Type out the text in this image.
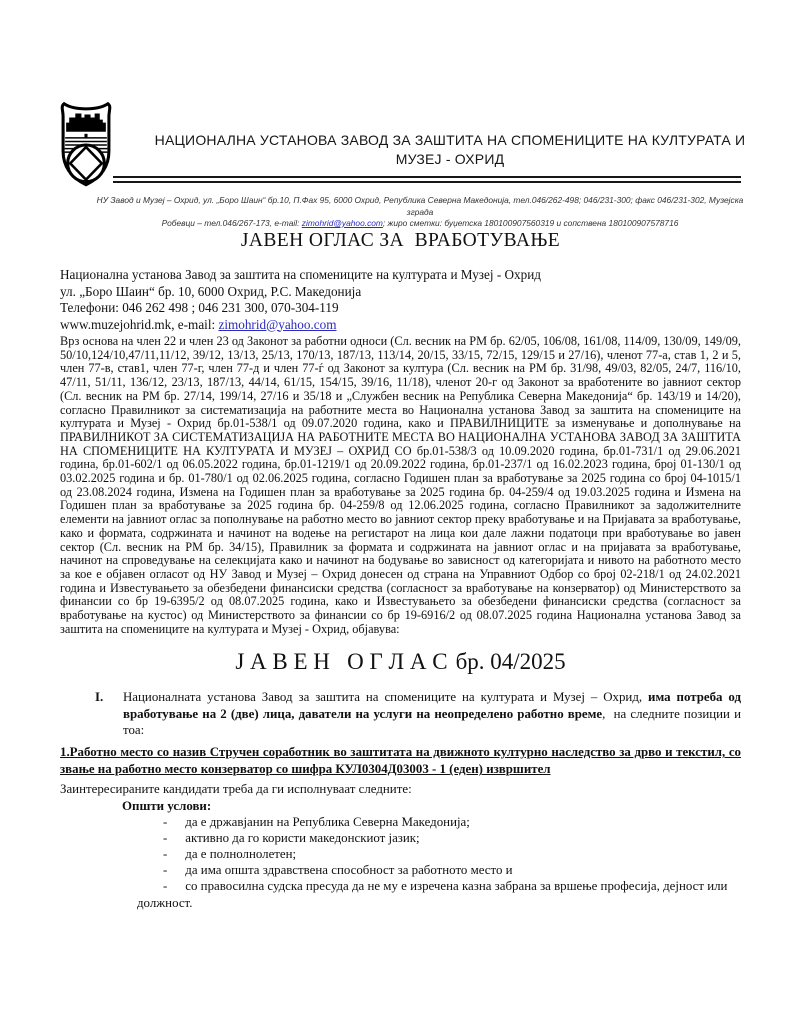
НАЦИОНАЛНА УСТАНОВА ЗАВОД ЗА ЗАШТИТА НА СПОМЕНИЦИТЕ НА КУЛТУРАТА И
МУЗЕЈ - ОХРИД
НУ Завод и Музеј – Охрид, ул. „Боро Шаин“ бр.10, П.Фах 95, 6000 Охрид, Република Северна Македонија, тел.046/262-498; 046/231-300; факс 046/231-302, Музејска зграда
Робевци – тел.046/267-173, e-mail: zimohrid@yahoo.com; жиро сметки: буџетска 180100907560319 и сопствена 180100907578716
ЈАВЕН ОГЛАС ЗА  ВРАБОТУВАЊЕ
Национална установа Завод за заштита на спомениците на културата и Музеј - Охрид
ул. „Боро Шаин“ бр. 10, 6000 Охрид, Р.С. Македонија
Телефони: 046 262 498 ; 046 231 300, 070-304-119
www.muzejohrid.mk, e-mail: zimohrid@yahoo.com

Врз основа на член 22 и член 23 од Законот за работни односи (Сл. весник на РМ бр. 62/05, 106/08, 161/08, 114/09, 130/09, 149/09, 50/10,124/10,47/11,11/12, 39/12, 13/13, 25/13, 170/13, 187/13, 113/14, 20/15, 33/15, 72/15, 129/15 и 27/16), членот 77-а, став 1, 2 и 5, член 77-в, став1, член 77-г, член 77-д и член 77-ѓ од Законот за култура (Сл. весник на РМ бр. 31/98, 49/03, 82/05, 24/7, 116/10, 47/11, 51/11, 136/12, 23/13, 187/13, 44/14, 61/15, 154/15, 39/16, 11/18), членот 20-г од Законот за вработените во јавниот сектор (Сл. весник на РМ бр. 27/14, 199/14, 27/16 и 35/18 и „Службен весник на Република Северна Македонија“ бр. 143/19 и 14/20), согласно Правилникот за систематизација на работните места во Национална установа Завод за заштита на спомениците на културата и Музеј - Охрид бр.01-538/1 од 09.07.2020 година, како и ПРАВИЛНИЦИТЕ за изменување и дополнување на ПРАВИЛНИКОТ ЗА СИСТЕМАТИЗАЦИЈА НА РАБОТНИТЕ МЕСТА ВО НАЦИОНАЛНА УСТАНОВА ЗАВОД ЗА ЗАШТИТА НА СПОМЕНИЦИТЕ НА КУЛТУРАТА И МУЗЕЈ – ОХРИД СО бр.01-538/3 од 10.09.2020 година, бр.01-731/1 од 29.06.2021 година, бр.01-602/1 од 06.05.2022 година, бр.01-1219/1 од 20.09.2022 година, бр.01-237/1 од 16.02.2023 година, број 01-130/1 од 03.02.2025 година и бр. 01-780/1 од 02.06.2025 година, согласно Годишен план за вработување за 2025 година со број 04-1015/1 од 23.08.2024 година, Измена на Годишен план за вработување за 2025 година бр. 04-259/4 од 19.03.2025 година и Измена на Годишен план за вработување за 2025 година бр. 04-259/8 од 12.06.2025 година, согласно Правилникот за задолжителните елементи на јавниот оглас за пополнување на работно место во јавниот сектор преку вработување и на Пријавата за вработување, како и формата, содржината и начинот на водење на регистарот на лица кои дале лажни податоци при вработување во јавен сектор (Сл. весник на РМ бр. 34/15), Правилник за формата и содржината на јавниот оглас и на пријавата за вработување, начинот на спроведување на селекцијата како и начинот на бодување во зависност од категоријата и нивото на работното место за кое е објавен огласот од НУ Завод и Музеј – Охрид донесен од страна на Управниот Одбор со број 02-218/1 од 24.02.2021 година и Известувањето за обезбедени финансиски средства (согласност за вработување на конзерватор) од Министерството за финансии со бр 19-6395/2 од 08.07.2025 година, како и Известувањето за обезбедени финансиски средства (согласност за вработување на кустос) од Министерството за финансии со бр 19-6916/2 од 08.07.2025 година Национална установа Завод за заштита на спомениците на културата и Музеј - Охрид, објавува:

Ј А В Е Н   О Г Л А С бр. 04/2025
I. Националната установа Завод за заштита на спомениците на културата и Музеј – Охрид, има потреба од вработување на 2 (две) лица, даватели на услуги на неопределено работно време,  на следните позиции и тоа:
1.Работно место со назив Стручен соработник во заштитата на движното културно наследство за дрво и текстил, со звање на работно место конзерватор со шифра КУЛ0304Д03003 - 1 (еден) извршител
Заинтересираните кандидати треба да ги исполнуваат следните:
Општи услови:
- да е државјанин на Република Северна Македонија;
- активно да го користи македонскиот јазик;
- да е полнолнолетен;
- да има општа здравствена способност за работното место и
- со правосилна судска пресуда да не му е изречена казна забрана за вршење професија, дејност или должност.
